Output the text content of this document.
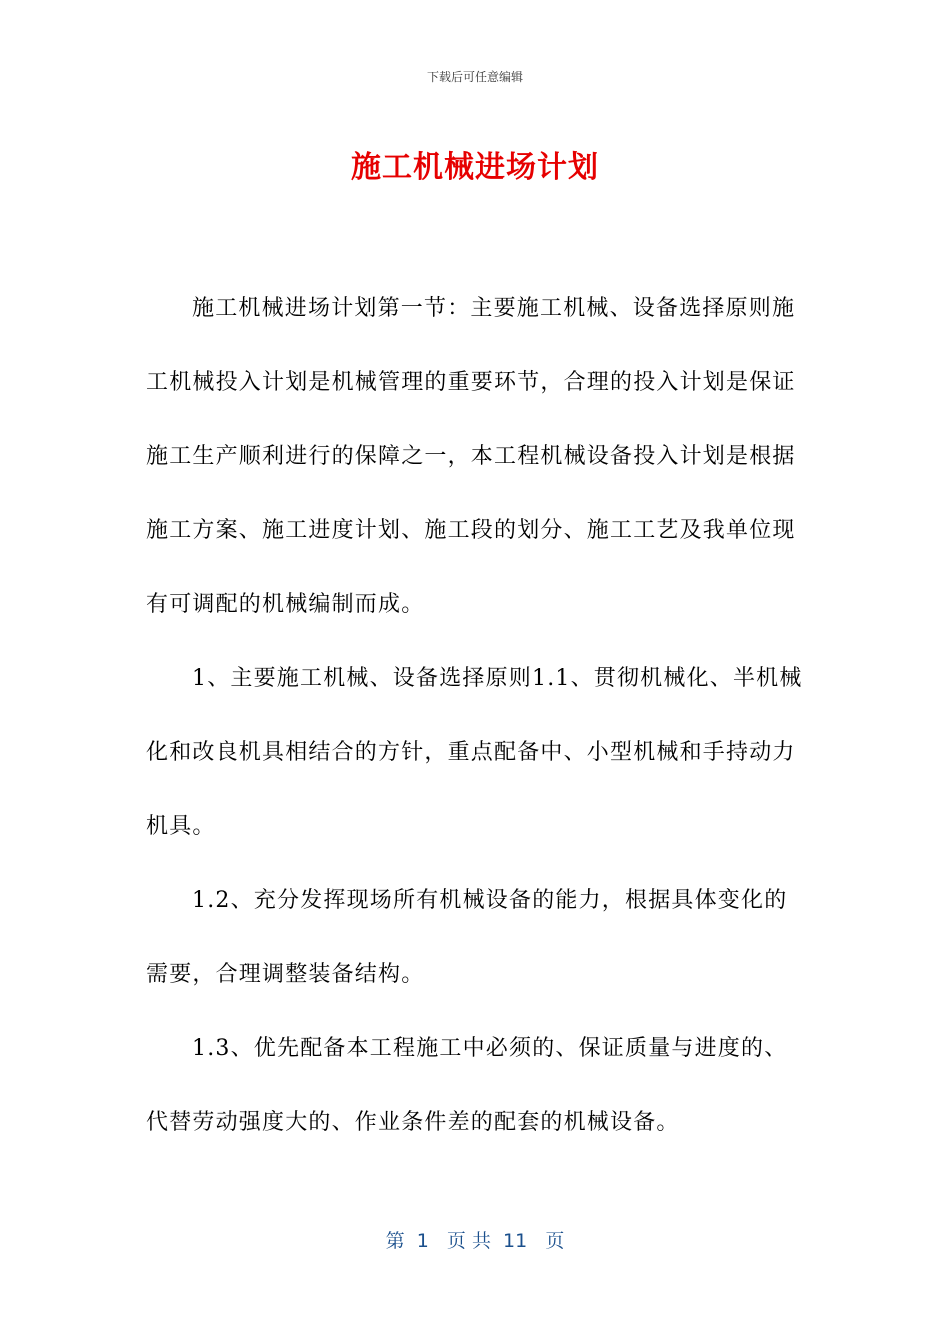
下载后可任意编辑
施工机械进场计划

施工机械进场计划第一节：主要施工机械、设备选择原则施工机械投入计划是机械管理的重要环节，合理的投入计划是保证施工生产顺利进行的保障之一，本工程机械设备投入计划是根据施工方案、施工进度计划、施工段的划分、施工工艺及我单位现有可调配的机械编制而成。

1、主要施工机械、设备选择原则1.1、贯彻机械化、半机械化和改良机具相结合的方针，重点配备中、小型机械和手持动力机具。

1.2、充分发挥现场所有机械设备的能力，根据具体变化的需要，合理调整装备结构。

1.3、优先配备本工程施工中必须的、保证质量与进度的、代替劳动强度大的、作业条件差的配套的机械设备。

第  1   页 共  11   页
